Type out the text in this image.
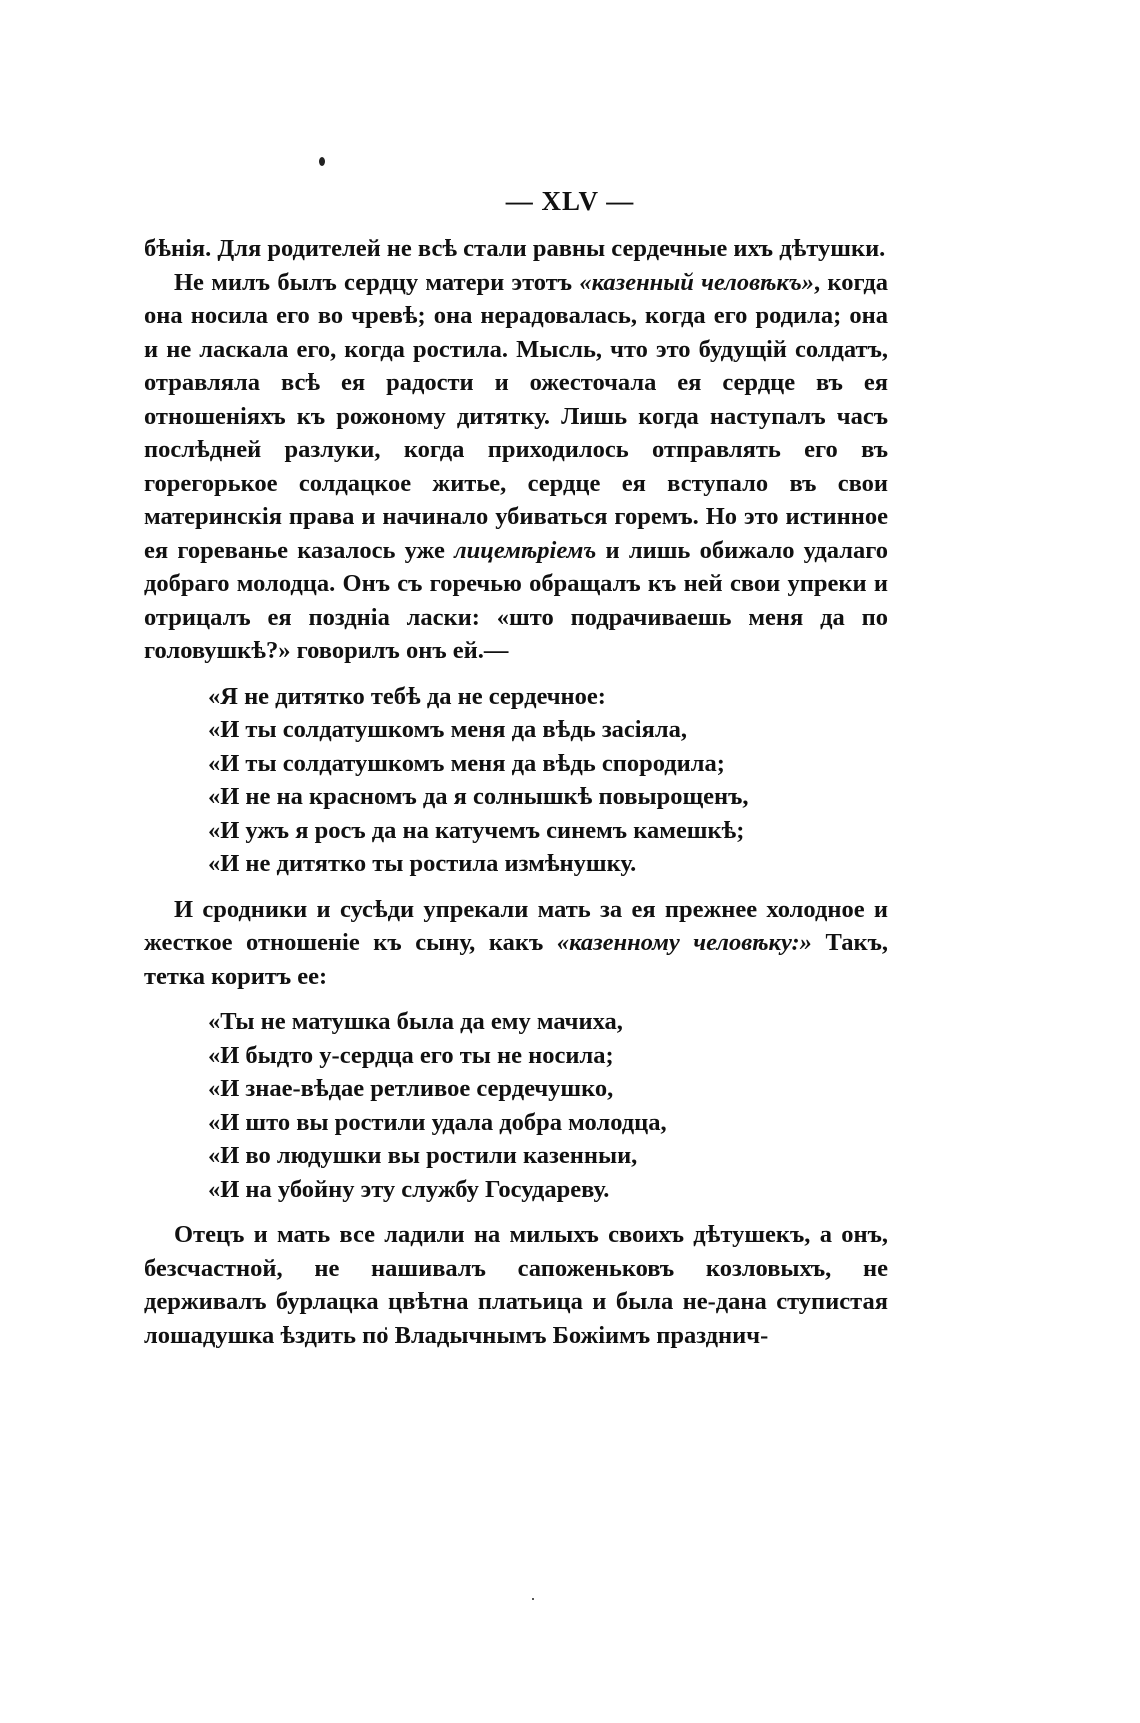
— XLV —

бѣнія. Для родителей не всѣ стали равны сердечные ихъ дѣтушки.

Не милъ былъ сердцу матери этотъ «казенный человѣкъ», когда она носила его во чревѣ; она нерадовалась, когда его родила; она и не ласкала его, когда ростила. Мысль, что это будущій солдатъ, отравляла всѣ ея радости и ожесточала ея сердце въ ея отношеніяхъ къ рожоному дитятку. Лишь когда наступалъ часъ послѣдней разлуки, когда приходилось отправлять его въ горегорькое солдацкое житье, сердце ея вступало въ свои материнскія права и начинало убиваться горемъ. Но это истинное ея гореванье казалось уже лицемѣріемъ и лишь обижало удалаго добраго молодца. Онъ съ горечью обращалъ къ ней свои упреки и отрицалъ ея поздніа ласки: «што подрачиваешь меня да по головушкѣ?» говорилъ онъ ей.—

«Я не дитятко тебѣ да не сердечное:
«И ты солдатушкомъ меня да вѣдь засіяла,
«И ты солдатушкомъ меня да вѣдь спородила;
«И не на красномъ да я солнышкѣ повырощенъ,
«И ужъ я росъ да на катучемъ синемъ камешкѣ;
«И не дитятко ты ростила измѣнушку.

И сродники и сусѣди упрекали мать за ея прежнее холодное и жесткое отношеніе къ сыну, какъ «казенному человѣку:» Такъ, тетка коритъ ее:

«Ты не матушка была да ему мачиха,
«И быдто у-сердца его ты не носила;
«И знае-вѣдае ретливое сердечушко,
«И што вы ростили удала добра молодца,
«И во людушки вы ростили казенныи,
«И на убойну эту службу Государеву.

Отецъ и мать все ладили на милыхъ своихъ дѣтушекъ, а онъ, безсчастной, не нашивалъ сапоженьковъ козловыхъ, не держивалъ бурлацка цвѣтна платьица и была не-дана ступистая лошадушка ѣздить по Владычнымъ Божіимъ празднич-
